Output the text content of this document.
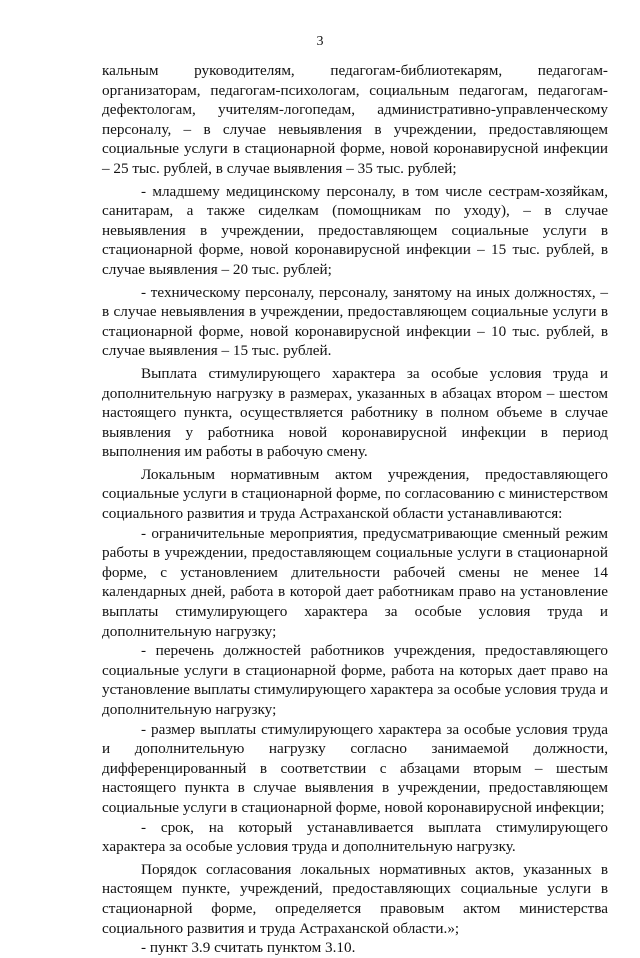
3

кальным руководителям, педагогам-библиотекарям, педагогам-организаторам, педагогам-психологам, социальным педагогам, педагогам-дефектологам, учителям-логопедам, административно-управленческому персоналу, – в случае невыявления в учреждении, предоставляющем социальные услуги в стационарной форме, новой коронавирусной инфекции – 25 тыс. рублей, в случае выявления – 35 тыс. рублей;

- младшему медицинскому персоналу, в том числе сестрам-хозяйкам, санитарам, а также сиделкам (помощникам по уходу), – в случае невыявления в учреждении, предоставляющем социальные услуги в стационарной форме, новой коронавирусной инфекции – 15 тыс. рублей, в случае выявления – 20 тыс. рублей;

- техническому персоналу, персоналу, занятому на иных должностях, – в случае невыявления в учреждении, предоставляющем социальные услуги в стационарной форме, новой коронавирусной инфекции – 10 тыс. рублей, в случае выявления – 15 тыс. рублей.

Выплата стимулирующего характера за особые условия труда и дополнительную нагрузку в размерах, указанных в абзацах втором – шестом настоящего пункта, осуществляется работнику в полном объеме в случае выявления у работника новой коронавирусной инфекции в период выполнения им работы в рабочую смену.

Локальным нормативным актом учреждения, предоставляющего социальные услуги в стационарной форме, по согласованию с министерством социального развития и труда Астраханской области устанавливаются:

- ограничительные мероприятия, предусматривающие сменный режим работы в учреждении, предоставляющем социальные услуги в стационарной форме, с установлением длительности рабочей смены не менее 14 календарных дней, работа в которой дает работникам право на установление выплаты стимулирующего характера за особые условия труда и дополнительную нагрузку;

- перечень должностей работников учреждения, предоставляющего социальные услуги в стационарной форме, работа на которых дает право на установление выплаты стимулирующего характера за особые условия труда и дополнительную нагрузку;

- размер выплаты стимулирующего характера за особые условия труда и дополнительную нагрузку согласно занимаемой должности, дифференцированный в соответствии с абзацами вторым – шестым настоящего пункта в случае выявления в учреждении, предоставляющем социальные услуги в стационарной форме, новой коронавирусной инфекции;

- срок, на который устанавливается выплата стимулирующего характера за особые условия труда и дополнительную нагрузку.

Порядок согласования локальных нормативных актов, указанных в настоящем пункте, учреждений, предоставляющих социальные услуги в стационарной форме, определяется правовым актом министерства социального развития и труда Астраханской области.»;

- пункт 3.9 считать пунктом 3.10.
